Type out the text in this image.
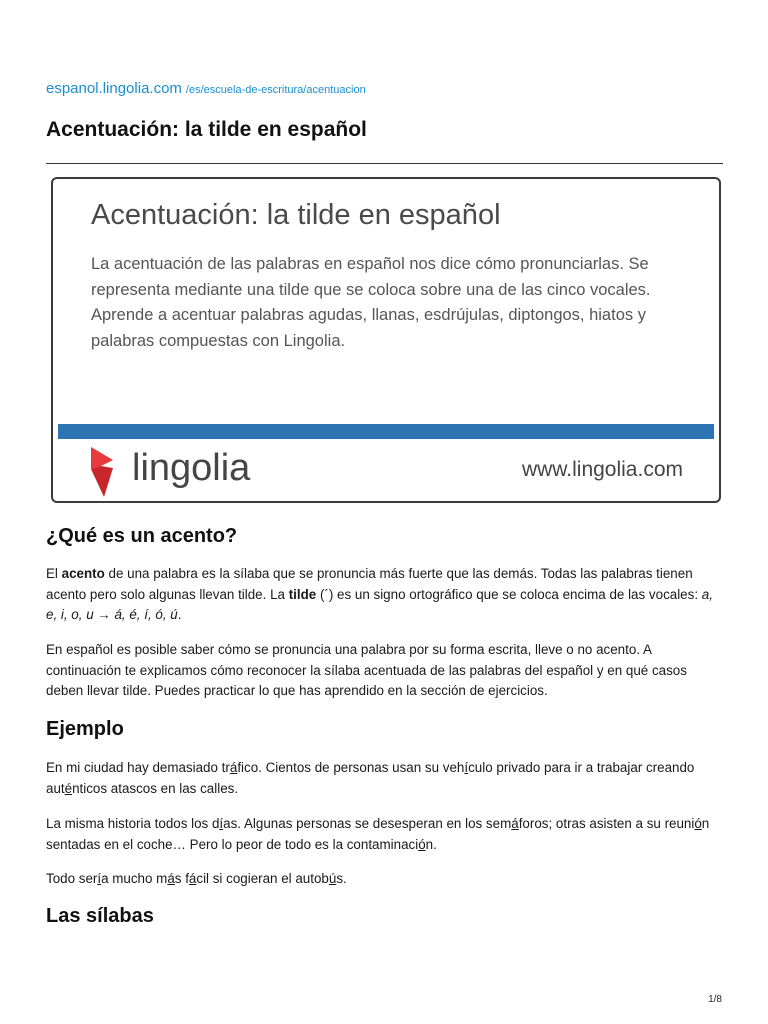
espanol.lingolia.com /es/escuela-de-escritura/acentuacion
Acentuación: la tilde en español
Acentuación: la tilde en español

La acentuación de las palabras en español nos dice cómo pronunciarlas. Se representa mediante una tilde que se coloca sobre una de las cinco vocales. Aprende a acentuar palabras agudas, llanas, esdrújulas, diptongos, hiatos y palabras compuestas con Lingolia.

lingolia	www.lingolia.com
¿Qué es un acento?

El acento de una palabra es la sílaba que se pronuncia más fuerte que las demás. Todas las palabras tienen acento pero solo algunas llevan tilde. La tilde (´) es un signo ortográfico que se coloca encima de las vocales: a, e, i, o, u → á, é, í, ó, ú.

En español es posible saber cómo se pronuncia una palabra por su forma escrita, lleve o no acento. A continuación te explicamos cómo reconocer la sílaba acentuada de las palabras del español y en qué casos deben llevar tilde. Puedes practicar lo que has aprendido en la sección de ejercicios.

Ejemplo

En mi ciudad hay demasiado tráfico. Cientos de personas usan su vehículo privado para ir a trabajar creando auténticos atascos en las calles.

La misma historia todos los días. Algunas personas se desesperan en los semáforos; otras asisten a su reunión sentadas en el coche… Pero lo peor de todo es la contaminación.

Todo sería mucho más fácil si cogieran el autobús.

Las sílabas
1/8
